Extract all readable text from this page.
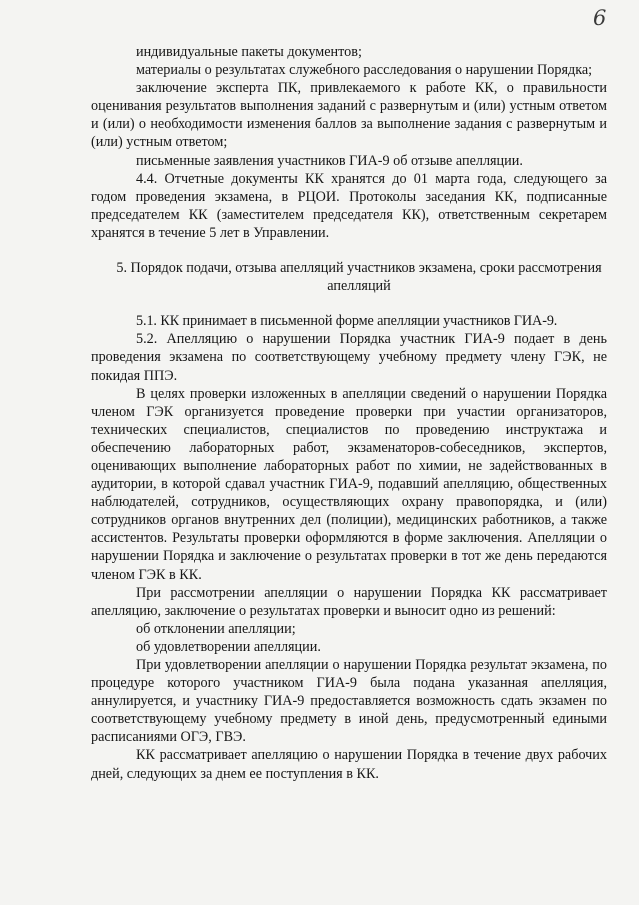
6

индивидуальные пакеты документов;

материалы о результатах служебного расследования о нарушении Порядка;

заключение эксперта ПК, привлекаемого к работе КК, о правильности оценивания результатов выполнения заданий с развернутым и (или) устным ответом и (или) о необходимости изменения баллов за выполнение задания с развернутым и (или) устным ответом;

письменные заявления участников ГИА-9 об отзыве апелляции.

4.4. Отчетные документы КК хранятся до 01 марта года, следующего за годом проведения экзамена, в РЦОИ. Протоколы заседания КК, подписанные председателем КК (заместителем председателя КК), ответственным секретарем хранятся в течение 5 лет в Управлении.

5. Порядок подачи, отзыва апелляций участников экзамена, сроки рассмотрения апелляций

5.1. КК принимает в письменной форме апелляции участников ГИА-9.

5.2. Апелляцию о нарушении Порядка участник ГИА-9 подает в день проведения экзамена по соответствующему учебному предмету члену ГЭК, не покидая ППЭ.

В целях проверки изложенных в апелляции сведений о нарушении Порядка членом ГЭК организуется проведение проверки при участии организаторов, технических специалистов, специалистов по проведению инструктажа и обеспечению лабораторных работ, экзаменаторов-собеседников, экспертов, оценивающих выполнение лабораторных работ по химии, не задействованных в аудитории, в которой сдавал участник ГИА-9, подавший апелляцию, общественных наблюдателей, сотрудников, осуществляющих охрану правопорядка, и (или) сотрудников органов внутренних дел (полиции), медицинских работников, а также ассистентов. Результаты проверки оформляются в форме заключения. Апелляции о нарушении Порядка и заключение о результатах проверки в тот же день передаются членом ГЭК в КК.

При рассмотрении апелляции о нарушении Порядка КК рассматривает апелляцию, заключение о результатах проверки и выносит одно из решений:

об отклонении апелляции;

об удовлетворении апелляции.

При удовлетворении апелляции о нарушении Порядка результат экзамена, по процедуре которого участником ГИА-9 была подана указанная апелляция, аннулируется, и участнику ГИА-9 предоставляется возможность сдать экзамен по соответствующему учебному предмету в иной день, предусмотренный едиными расписаниями ОГЭ, ГВЭ.

КК рассматривает апелляцию о нарушении Порядка в течение двух рабочих дней, следующих за днем ее поступления в КК.
